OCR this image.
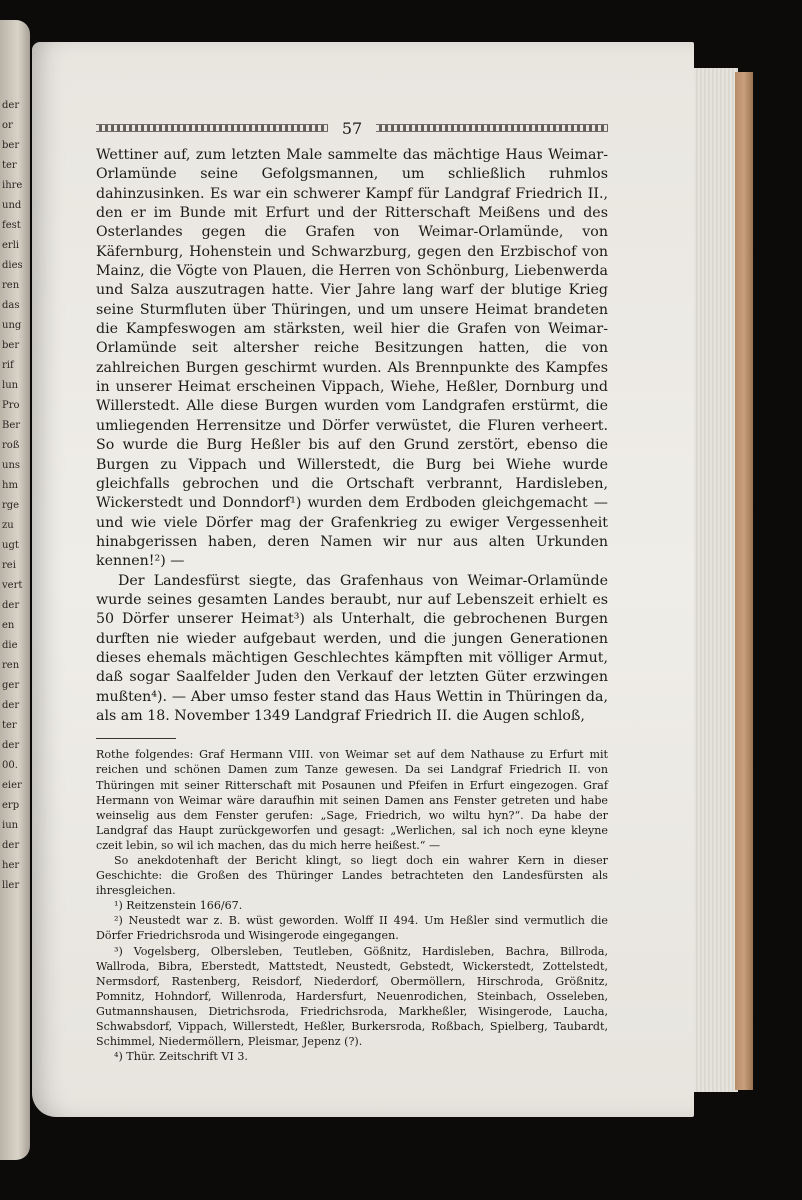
der
or
ber
ter
ihre
und
fest
erli
dies
ren
das
ung
ber
rif
lun
Pro
Ber
roß
uns
hm
rge
zu
ugt
rei
vert
der
en
die
ren
ger
der
ter
der
00.
eier
erp
iun
der
her
ller
57

Wettiner auf, zum letzten Male sammelte das mächtige Haus Weimar-Orlamünde seine Gefolgsmannen, um schließlich ruhmlos dahinzusinken. Es war ein schwerer Kampf für Landgraf Friedrich II., den er im Bunde mit Erfurt und der Ritterschaft Meißens und des Osterlandes gegen die Grafen von Weimar-Orlamünde, von Käfernburg, Hohenstein und Schwarzburg, gegen den Erzbischof von Mainz, die Vögte von Plauen, die Herren von Schönburg, Liebenwerda und Salza auszutragen hatte. Vier Jahre lang warf der blutige Krieg seine Sturmfluten über Thüringen, und um unsere Heimat brandeten die Kampfeswogen am stärksten, weil hier die Grafen von Weimar-Orlamünde seit altersher reiche Besitzungen hatten, die von zahlreichen Burgen geschirmt wurden. Als Brennpunkte des Kampfes in unserer Heimat erscheinen Vippach, Wiehe, Heßler, Dornburg und Willerstedt. Alle diese Burgen wurden vom Landgrafen erstürmt, die umliegenden Herrensitze und Dörfer verwüstet, die Fluren verheert. So wurde die Burg Heßler bis auf den Grund zerstört, ebenso die Burgen zu Vippach und Willerstedt, die Burg bei Wiehe wurde gleichfalls gebrochen und die Ortschaft verbrannt, Hardisleben, Wickerstedt und Donndorf¹) wurden dem Erdboden gleichgemacht — und wie viele Dörfer mag der Grafenkrieg zu ewiger Vergessenheit hinabgerissen haben, deren Namen wir nur aus alten Urkunden kennen!²) —

Der Landesfürst siegte, das Grafenhaus von Weimar-Orlamünde wurde seines gesamten Landes beraubt, nur auf Lebenszeit erhielt es 50 Dörfer unserer Heimat³) als Unterhalt, die gebrochenen Burgen durften nie wieder aufgebaut werden, und die jungen Generationen dieses ehemals mächtigen Geschlechtes kämpften mit völliger Armut, daß sogar Saalfelder Juden den Verkauf der letzten Güter erzwingen mußten⁴). — Aber umso fester stand das Haus Wettin in Thüringen da, als am 18. November 1349 Landgraf Friedrich II. die Augen schloß,

Rothe folgendes: Graf Hermann VIII. von Weimar set auf dem Nathause zu Erfurt mit reichen und schönen Damen zum Tanze gewesen. Da sei Landgraf Friedrich II. von Thüringen mit seiner Ritterschaft mit Posaunen und Pfeifen in Erfurt eingezogen. Graf Hermann von Weimar wäre daraufhin mit seinen Damen ans Fenster getreten und habe weinselig aus dem Fenster gerufen: „Sage, Friedrich, wo wiltu hyn?“. Da habe der Landgraf das Haupt zurückgeworfen und gesagt: „Werlichen, sal ich noch eyne kleyne czeit lebin, so wil ich machen, das du mich herre heißest.“ —

So anekdotenhaft der Bericht klingt, so liegt doch ein wahrer Kern in dieser Geschichte: die Großen des Thüringer Landes betrachteten den Landesfürsten als ihresgleichen.

¹) Reitzenstein 166/67.

²) Neustedt war z. B. wüst geworden. Wolff II 494. Um Heßler sind vermutlich die Dörfer Friedrichsroda und Wisingerode eingegangen.

³) Vogelsberg, Olbersleben, Teutleben, Gößnitz, Hardisleben, Bachra, Billroda, Wallroda, Bibra, Eberstedt, Mattstedt, Neustedt, Gebstedt, Wickerstedt, Zottelstedt, Nermsdorf, Rastenberg, Reisdorf, Niederdorf, Obermöllern, Hirschroda, Größnitz, Pomnitz, Hohndorf, Willenroda, Hardersfurt, Neuenrodichen, Steinbach, Osseleben, Gutmannshausen, Dietrichsroda, Friedrichsroda, Markheßler, Wisingerode, Laucha, Schwabsdorf, Vippach, Willerstedt, Heßler, Burkersroda, Roßbach, Spielberg, Taubardt, Schimmel, Niedermöllern, Pleismar, Jepenz (?).

⁴) Thür. Zeitschrift VI 3.
